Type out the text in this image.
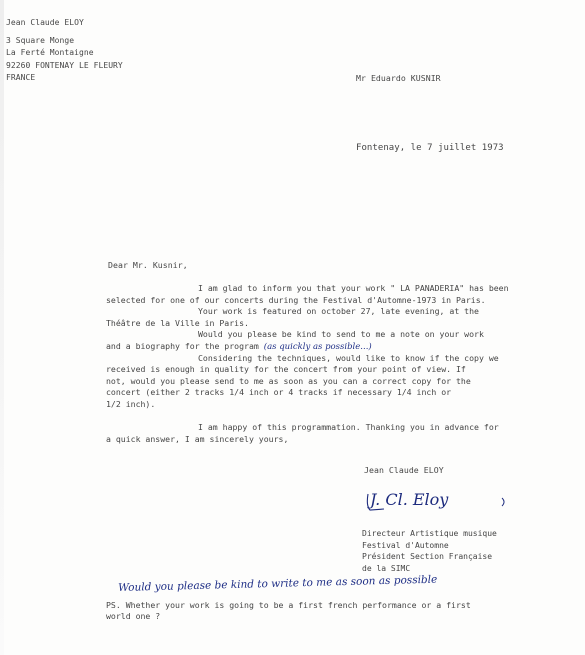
Jean Claude ELOY
3 Square Monge
La Ferté Montaigne
92260 FONTENAY LE FLEURY
FRANCE	Mr Eduardo KUSNIR
Fontenay, le 7 juillet 1973
Dear Mr. Kusnir,
I am glad to inform you that your work " LA PANADERIA" has been
selected for one of our concerts during the Festival d'Automne-1973 in Paris.
Your work is featured on october 27, late evening, at the
Théâtre de la Ville in Paris.
Would you please be kind to send to me a note on your work
and a biography for the program (as quickly as possible...)
Considering the techniques, would like to know if the copy we
received is enough in quality for the concert from your point of view. If
not, would you please send to me as soon as you can a correct copy for the
concert (either 2 tracks 1/4 inch or 4 tracks if necessary 1/4 inch or
1/2 inch).
I am happy of this programmation. Thanking you in advance for
a quick answer, I am sincerely yours,
Jean Claude ELOY
J. Cl. Eloy
Directeur Artistique musique
Festival d'Automne
Président Section Française
de la SIMC
Would you please be kind to write to me as soon as possible
PS. Whether your work is going to be a first french performance or a first
world one ?
